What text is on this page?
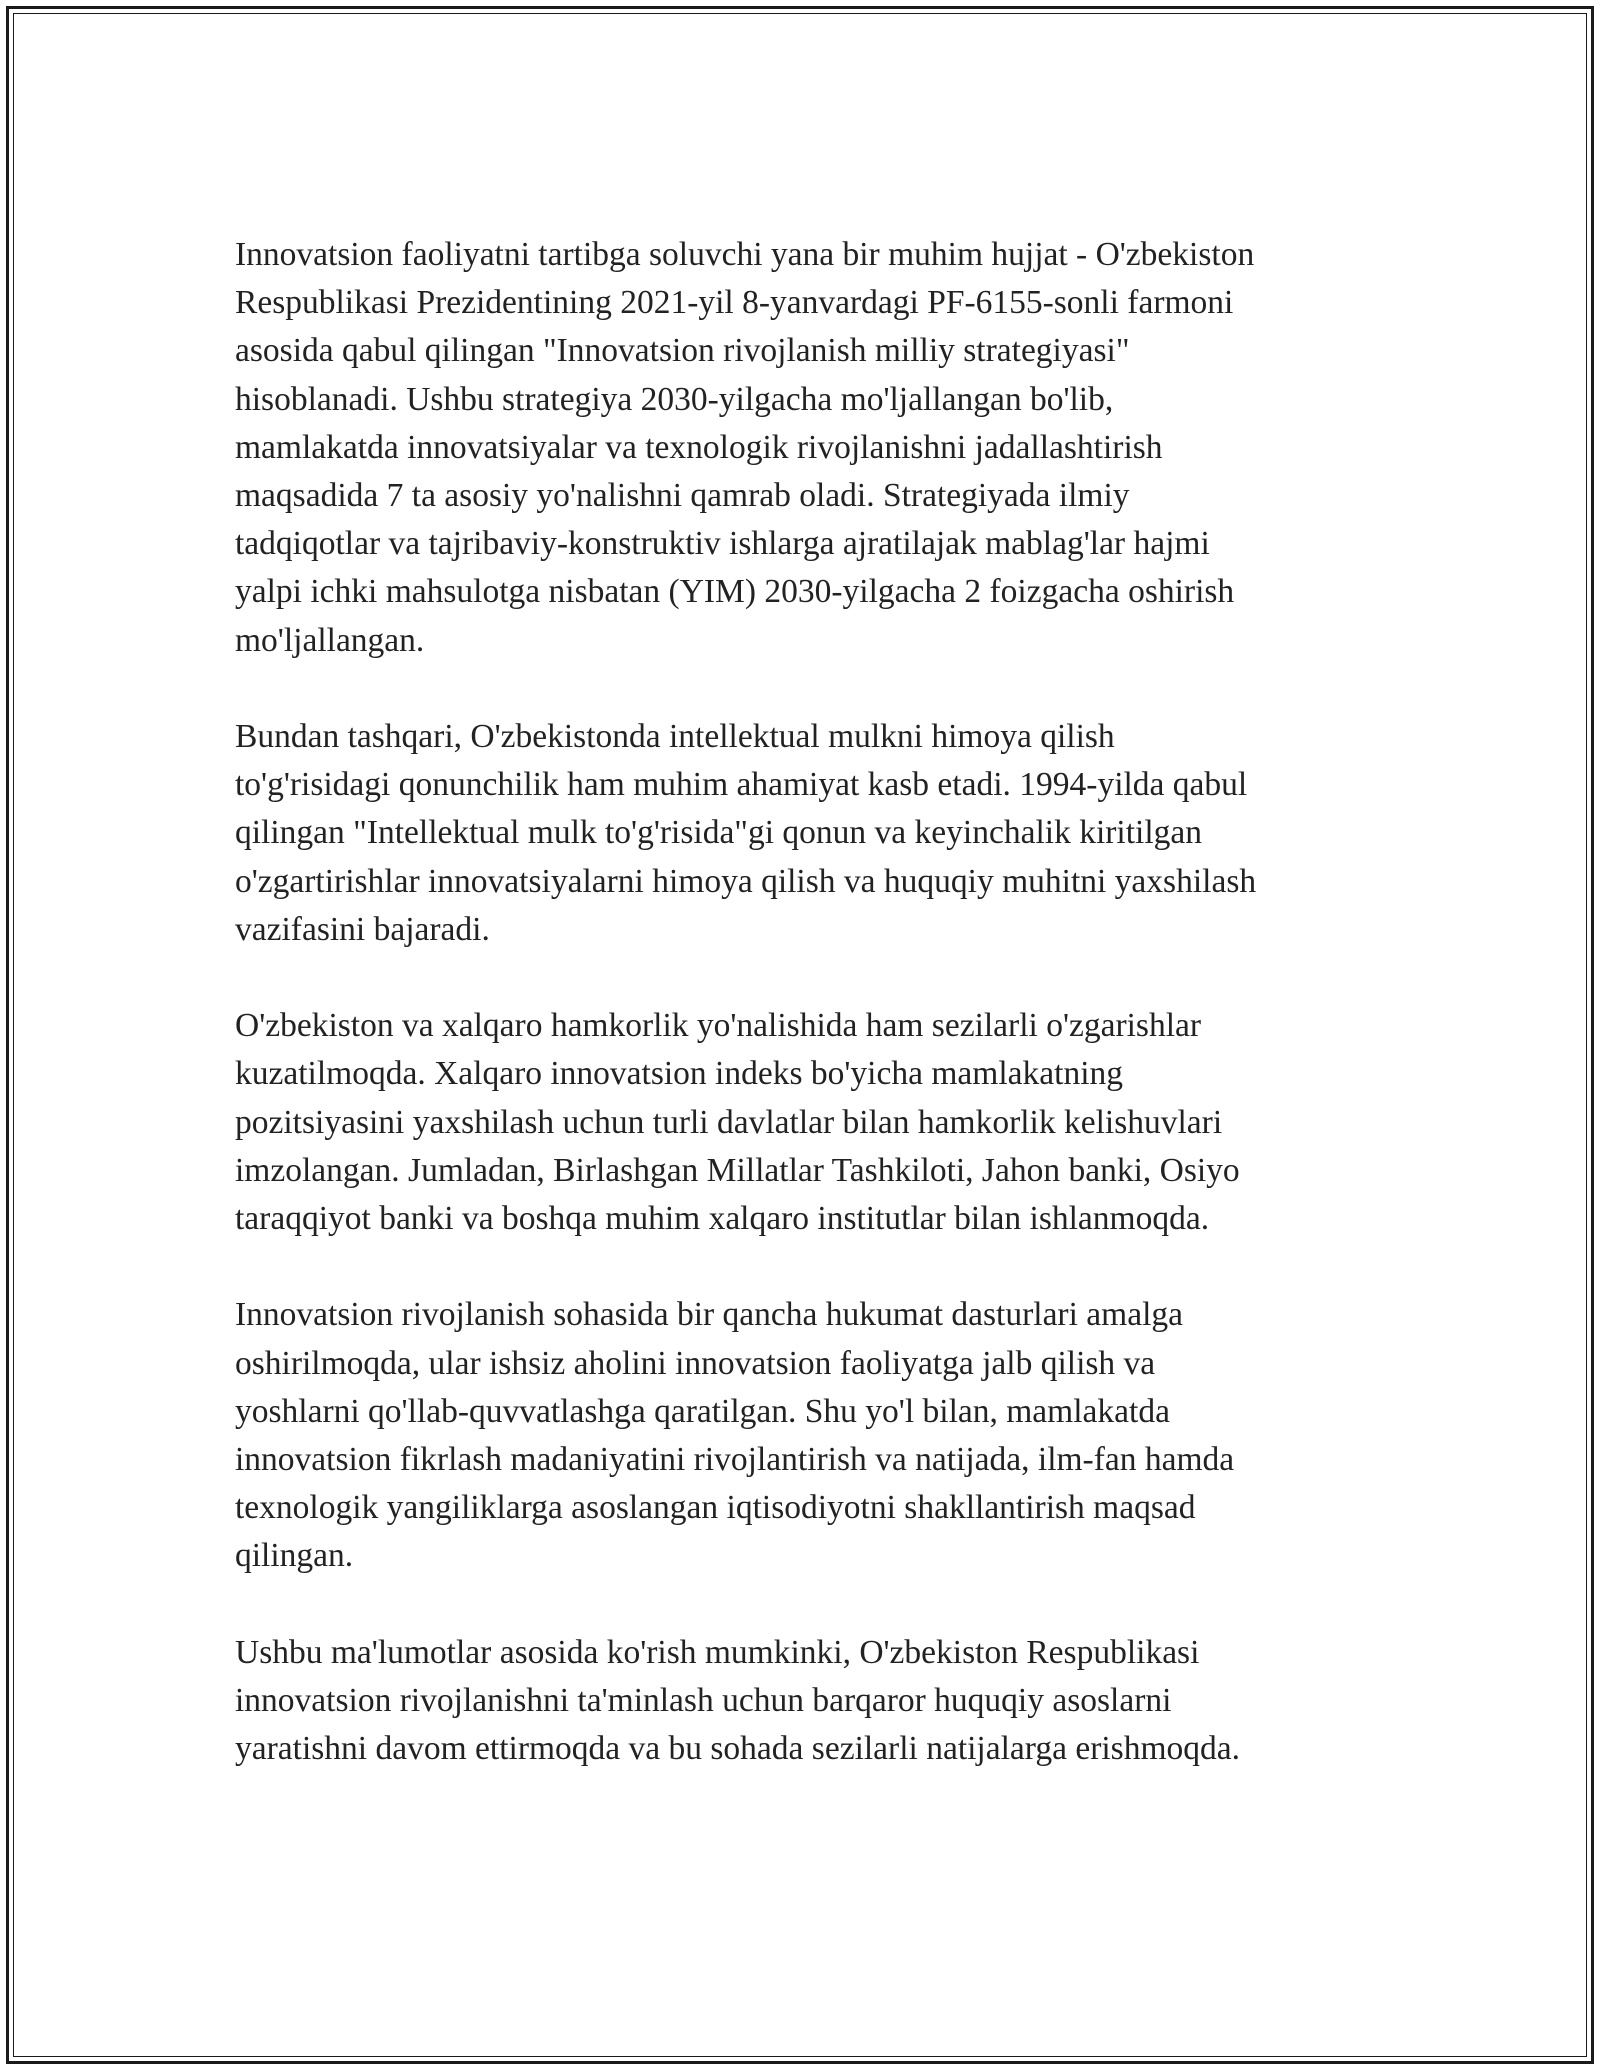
Innovatsion faoliyatni tartibga soluvchi yana bir muhim hujjat - O'zbekiston
Respublikasi Prezidentining 2021-yil 8-yanvardagi PF-6155-sonli farmoni
asosida qabul qilingan "Innovatsion rivojlanish milliy strategiyasi"
hisoblanadi. Ushbu strategiya 2030-yilgacha mo'ljallangan bo'lib,
mamlakatda innovatsiyalar va texnologik rivojlanishni jadallashtirish
maqsadida 7 ta asosiy yo'nalishni qamrab oladi. Strategiyada ilmiy
tadqiqotlar va tajribaviy-konstruktiv ishlarga ajratilajak mablag'lar hajmi
yalpi ichki mahsulotga nisbatan (YIM) 2030-yilgacha 2 foizgacha oshirish
mo'ljallangan.

Bundan tashqari, O'zbekistonda intellektual mulkni himoya qilish
to'g'risidagi qonunchilik ham muhim ahamiyat kasb etadi. 1994-yilda qabul
qilingan "Intellektual mulk to'g'risida"gi qonun va keyinchalik kiritilgan
o'zgartirishlar innovatsiyalarni himoya qilish va huquqiy muhitni yaxshilash
vazifasini bajaradi.

O'zbekiston va xalqaro hamkorlik yo'nalishida ham sezilarli o'zgarishlar
kuzatilmoqda. Xalqaro innovatsion indeks bo'yicha mamlakatning
pozitsiyasini yaxshilash uchun turli davlatlar bilan hamkorlik kelishuvlari
imzolangan. Jumladan, Birlashgan Millatlar Tashkiloti, Jahon banki, Osiyo
taraqqiyot banki va boshqa muhim xalqaro institutlar bilan ishlanmoqda.

Innovatsion rivojlanish sohasida bir qancha hukumat dasturlari amalga
oshirilmoqda, ular ishsiz aholini innovatsion faoliyatga jalb qilish va
yoshlarni qo'llab-quvvatlashga qaratilgan. Shu yo'l bilan, mamlakatda
innovatsion fikrlash madaniyatini rivojlantirish va natijada, ilm-fan hamda
texnologik yangiliklarga asoslangan iqtisodiyotni shakllantirish maqsad
qilingan.

Ushbu ma'lumotlar asosida ko'rish mumkinki, O'zbekiston Respublikasi
innovatsion rivojlanishni ta'minlash uchun barqaror huquqiy asoslarni
yaratishni davom ettirmoqda va bu sohada sezilarli natijalarga erishmoqda.
